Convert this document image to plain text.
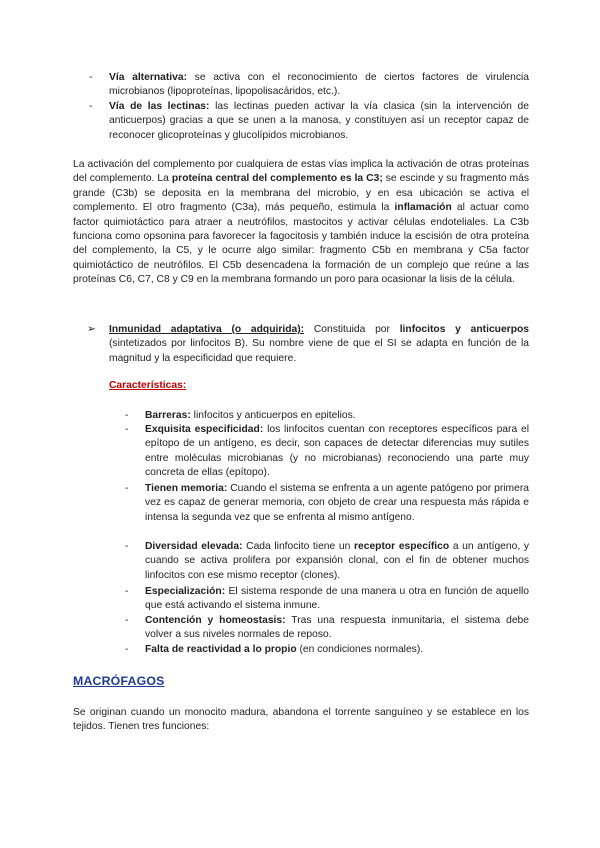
- Vía alternativa: se activa con el reconocimiento de ciertos factores de virulencia microbianos (lipoproteínas, lipopolisacáridos, etc.).
- Vía de las lectinas: las lectinas pueden activar la vía clasica (sin la intervención de anticuerpos) gracias a que se unen a la manosa, y constituyen así un receptor capaz de reconocer glicoproteínas y glucolípidos microbianos.
La activación del complemento por cualquiera de estas vías implica la activación de otras proteínas del complemento. La proteína central del complemento es la C3; se escinde y su fragmento más grande (C3b) se deposita en la membrana del microbio, y en esa ubicación se activa el complemento. El otro fragmento (C3a), más pequeño, estimula la inflamación al actuar como factor quimiotáctico para atraer a neutrófilos, mastocitos y activar células endoteliales. La C3b funciona como opsonina para favorecer la fagocitosis y también induce la escisión de otra proteína del complemento, la C5, y le ocurre algo similar: fragmento C5b en membrana y C5a factor quimiotáctico de neutrófilos. El C5b desencadena la formación de un complejo que reúne a las proteínas C6, C7, C8 y C9 en la membrana formando un poro para ocasionar la lisis de la célula.
➢ Inmunidad adaptativa (o adquirida): Constituida por linfocitos y anticuerpos (sintetizados por linfocitos B). Su nombre viene de que el SI se adapta en función de la magnitud y la especificidad que requiere.
Características:
- Barreras: linfocitos y anticuerpos en epitelios.
- Exquisita especificidad: los linfocitos cuentan con receptores específicos para el epítopo de un antígeno, es decir, son capaces de detectar diferencias muy sutiles entre moléculas microbianas (y no microbianas) reconociendo una parte muy concreta de ellas (epítopo).
- Tienen memoria: Cuando el sistema se enfrenta a un agente patógeno por primera vez es capaz de generar memoria, con objeto de crear una respuesta más rápida e intensa la segunda vez que se enfrenta al mismo antígeno.
- Diversidad elevada: Cada linfocito tiene un receptor específico a un antígeno, y cuando se activa prolifera por expansión clonal, con el fin de obtener muchos linfocitos con ese mismo receptor (clones).
- Especialización: El sistema responde de una manera u otra en función de aquello que está activando el sistema inmune.
- Contención y homeostasis: Tras una respuesta inmunitaria, el sistema debe volver a sus niveles normales de reposo.
- Falta de reactividad a lo propio (en condiciones normales).
MACRÓFAGOS
Se originan cuando un monocito madura, abandona el torrente sanguíneo y se establece en los tejidos. Tienen tres funciones:
